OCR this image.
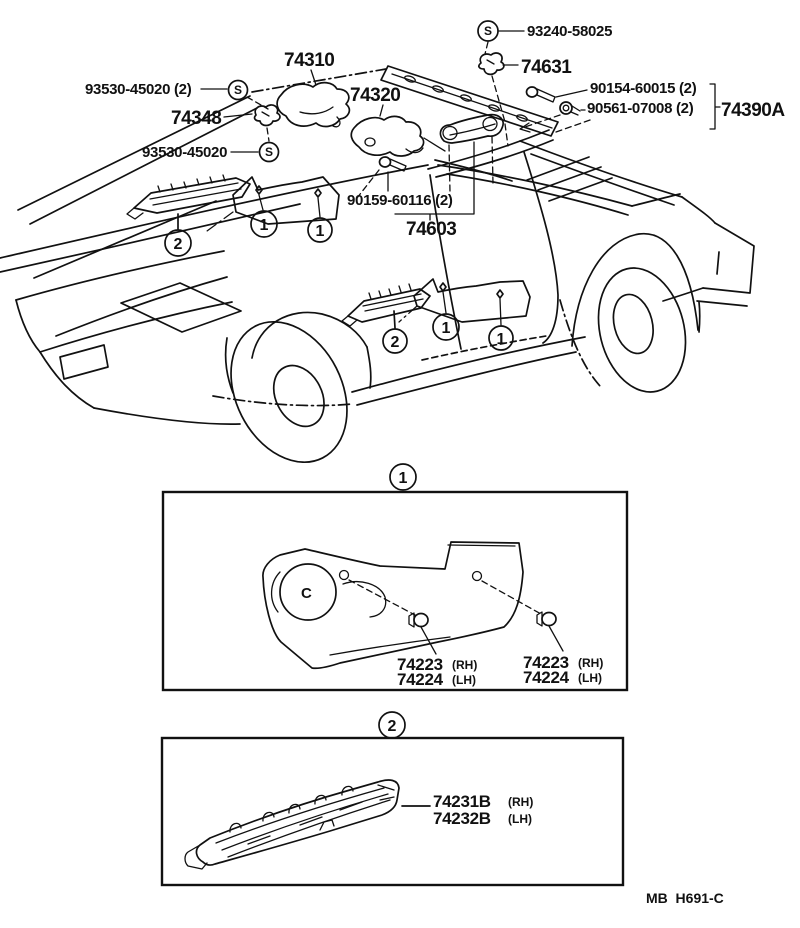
S
S
S
1	1
2
1
1
2
93240-58025
74631
74310
74320
93530-45020 (2)
74348
93530-45020
90154-60015 (2)
90561-07008 (2) 74390A
90159-60116 (2)
74603
1
C
74223 (RH)
74224 (LH)
74223 (RH)
74224 (LH)
2
74231B (RH)
74232B (LH)
MB  H691-C
